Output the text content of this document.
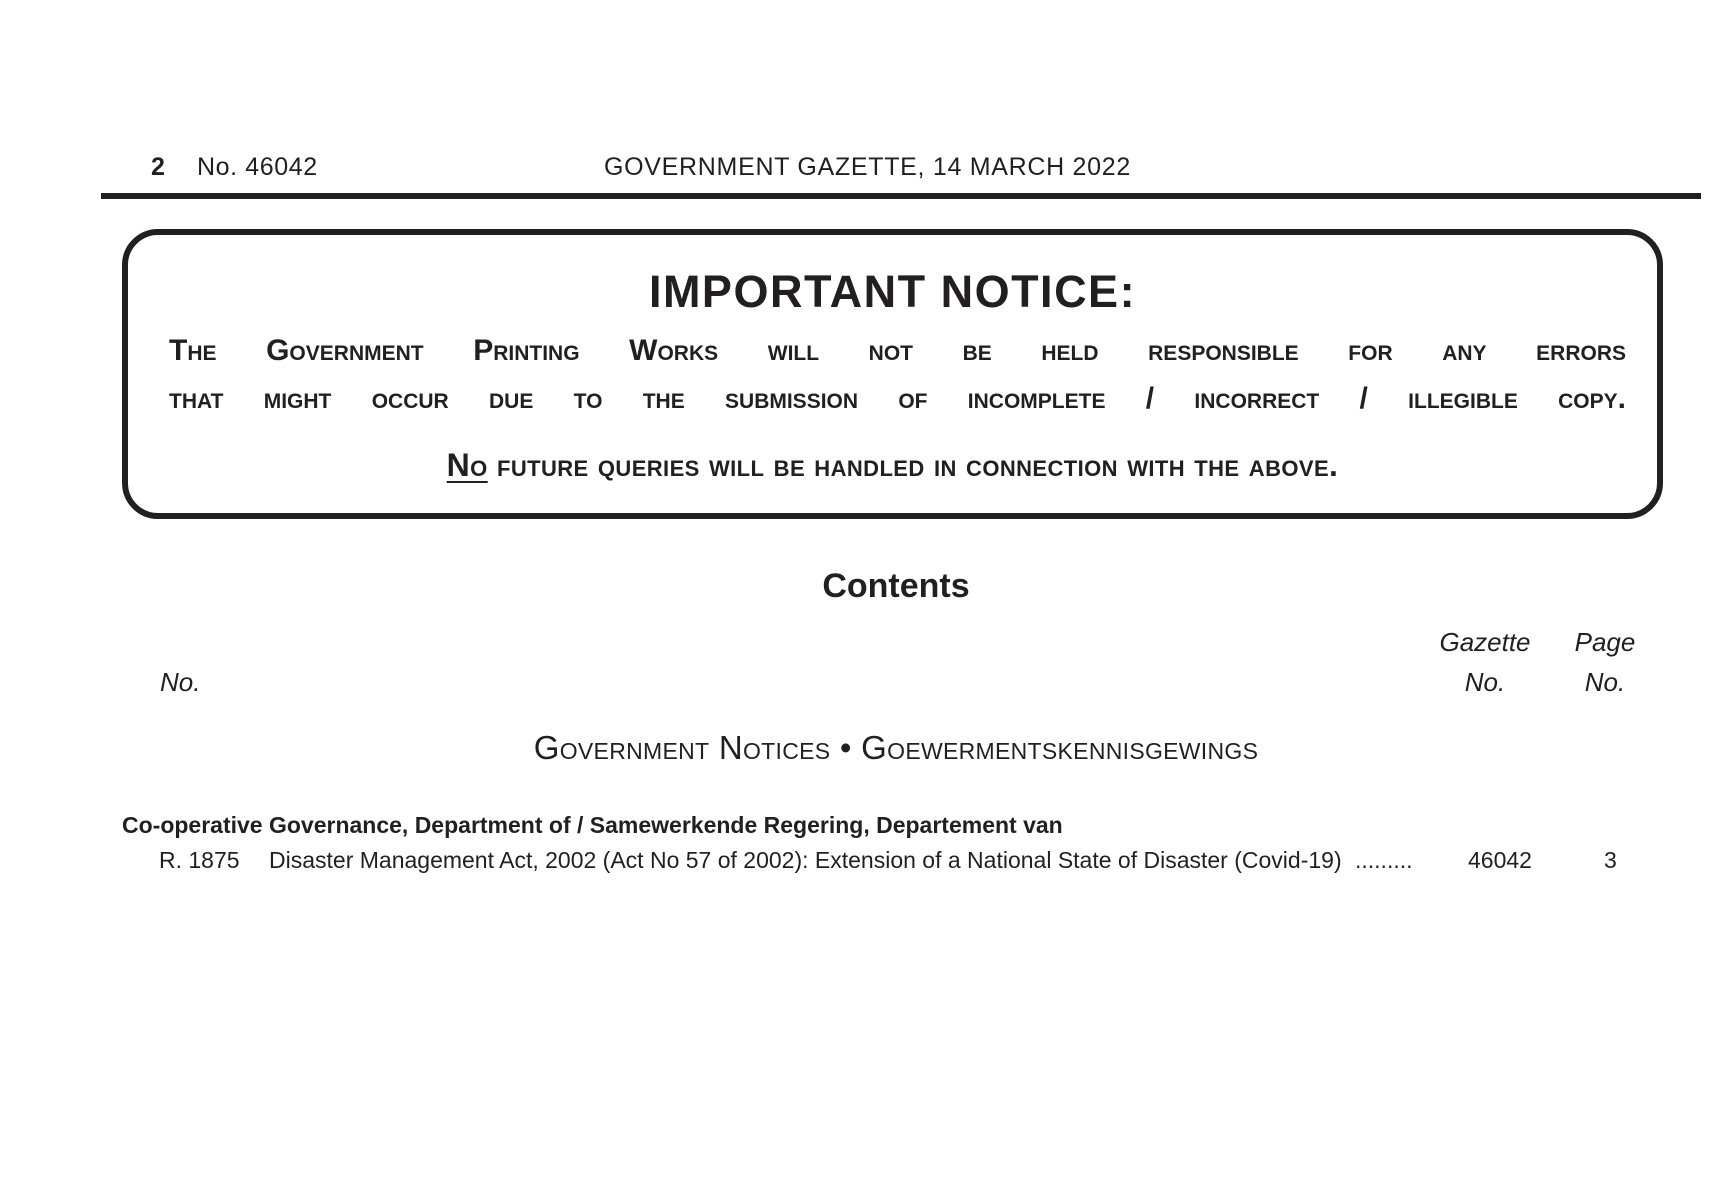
2 No. 46042	GOVERNMENT GAZETTE, 14 MARCH 2022
IMPORTANT NOTICE:
The Government Printing Works will not be held responsible for any errors
that might occur due to the submission of incomplete / incorrect / illegible copy.
No future queries will be handled in connection with the above.
Contents
No.
Gazette
No.
Page
No.
Government Notices • Goewermentskennisgewings
Co-operative Governance, Department of / Samewerkende Regering, Departement van
R. 1875 Disaster Management Act, 2002 (Act No 57 of 2002): Extension of a National State of Disaster (Covid-19) ......... 46042	3
